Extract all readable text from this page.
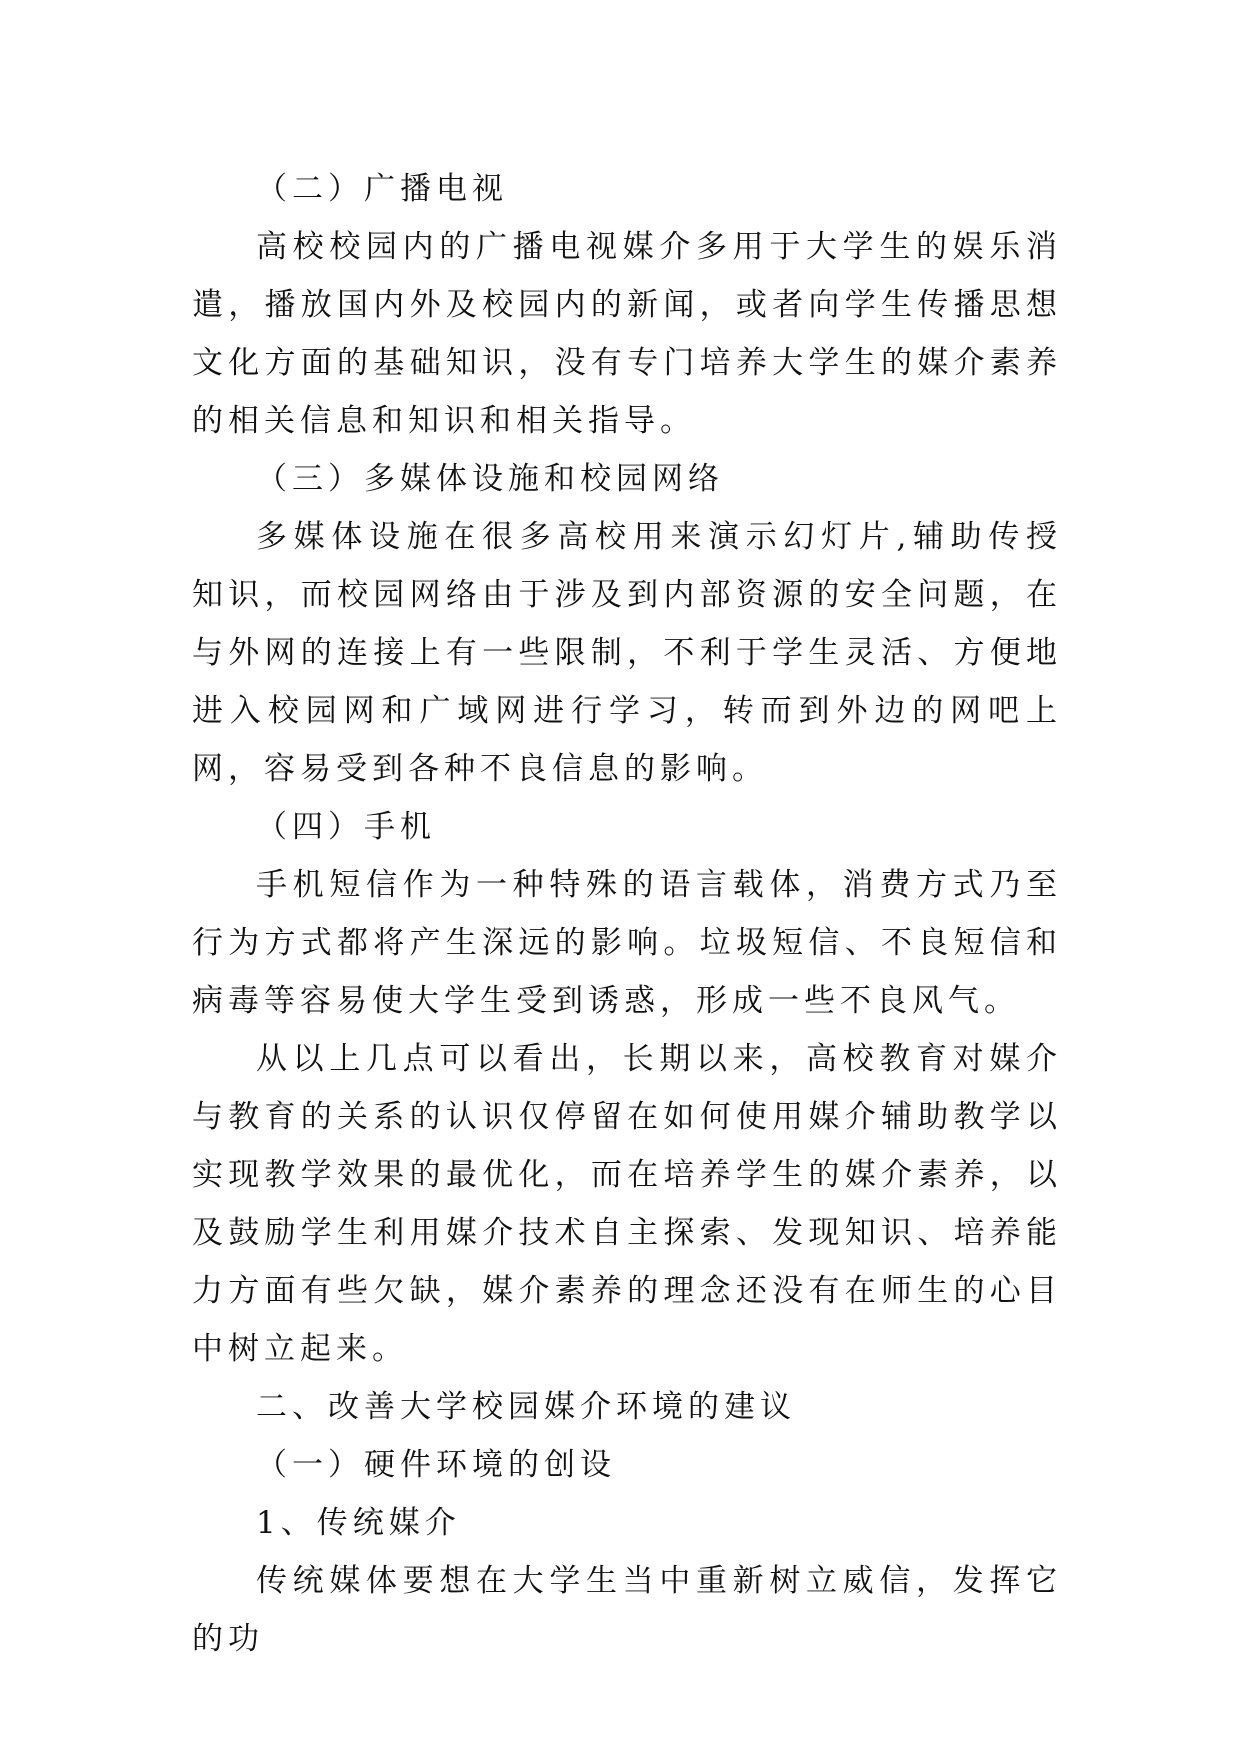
（二）广播电视

高校校园内的广播电视媒介多用于大学生的娱乐消遣，播放国内外及校园内的新闻，或者向学生传播思想文化方面的基础知识，没有专门培养大学生的媒介素养的相关信息和知识和相关指导。

（三）多媒体设施和校园网络

多媒体设施在很多高校用来演示幻灯片,辅助传授知识，而校园网络由于涉及到内部资源的安全问题，在与外网的连接上有一些限制，不利于学生灵活、方便地进入校园网和广域网进行学习，转而到外边的网吧上网，容易受到各种不良信息的影响。

（四）手机

手机短信作为一种特殊的语言载体，消费方式乃至行为方式都将产生深远的影响。垃圾短信、不良短信和病毒等容易使大学生受到诱惑，形成一些不良风气。

从以上几点可以看出，长期以来，高校教育对媒介与教育的关系的认识仅停留在如何使用媒介辅助教学以实现教学效果的最优化，而在培养学生的媒介素养，以及鼓励学生利用媒介技术自主探索、发现知识、培养能力方面有些欠缺，媒介素养的理念还没有在师生的心目中树立起来。

二、改善大学校园媒介环境的建议

（一）硬件环境的创设

1、传统媒介

传统媒体要想在大学生当中重新树立威信，发挥它的功
